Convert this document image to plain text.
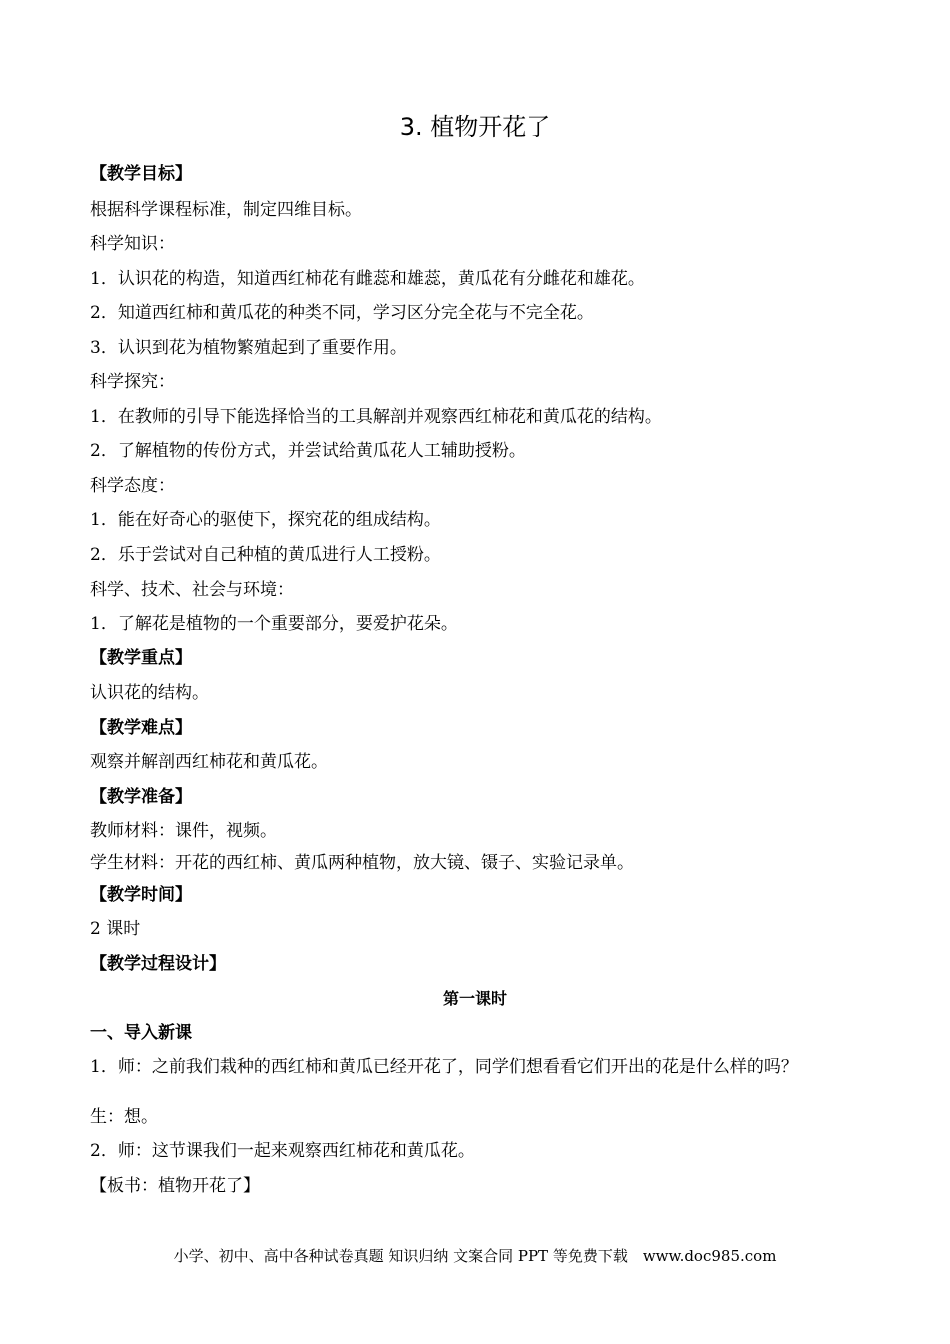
3. 植物开花了
【教学目标】
根据科学课程标准，制定四维目标。
科学知识：
1．认识花的构造，知道西红柿花有雌蕊和雄蕊，黄瓜花有分雌花和雄花。
2．知道西红柿和黄瓜花的种类不同，学习区分完全花与不完全花。
3．认识到花为植物繁殖起到了重要作用。
科学探究：
1．在教师的引导下能选择恰当的工具解剖并观察西红柿花和黄瓜花的结构。
2．了解植物的传份方式，并尝试给黄瓜花人工辅助授粉。
科学态度：
1．能在好奇心的驱使下，探究花的组成结构。
2．乐于尝试对自己种植的黄瓜进行人工授粉。
科学、技术、社会与环境：
1．了解花是植物的一个重要部分，要爱护花朵。
【教学重点】
认识花的结构。
【教学难点】
观察并解剖西红柿花和黄瓜花。
【教学准备】
教师材料：课件，视频。
学生材料：开花的西红柿、黄瓜两种植物，放大镜、镊子、实验记录单。
【教学时间】
2 课时
【教学过程设计】
第一课时
一、导入新课
1．师：之前我们栽种的西红柿和黄瓜已经开花了，同学们想看看它们开出的花是什么样的吗？
生：想。
2．师：这节课我们一起来观察西红柿花和黄瓜花。
【板书：植物开花了】
小学、初中、高中各种试卷真题 知识归纳 文案合同 PPT 等免费下载　www.doc985.com
